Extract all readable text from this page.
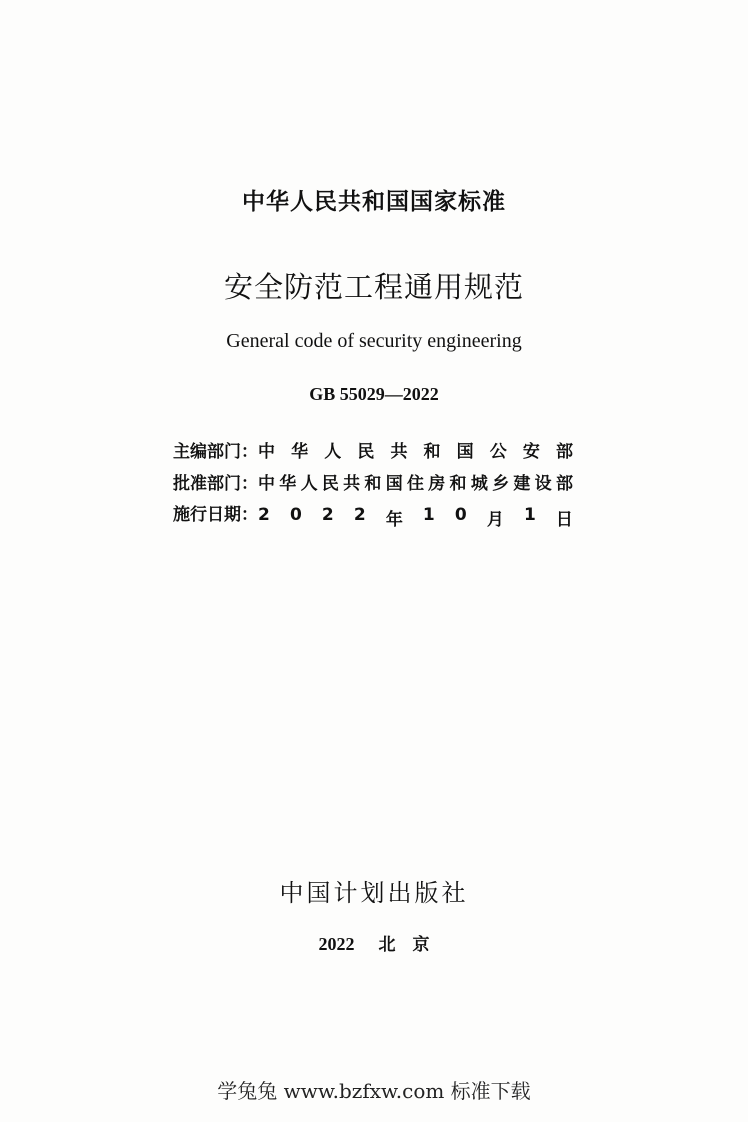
中华人民共和国国家标准
安全防范工程通用规范
General code of security engineering
GB 55029—2022
主编部门： 中 华 人 民 共 和 国 公 安 部
批准部门： 中 华 人 民 共 和 国 住 房 和 城 乡 建 设 部
施行日期： 2 0 2 2 年 1 0 月 1 日
中国计划出版社
2022 北　京
学兔兔 www.bzfxw.com 标准下载
